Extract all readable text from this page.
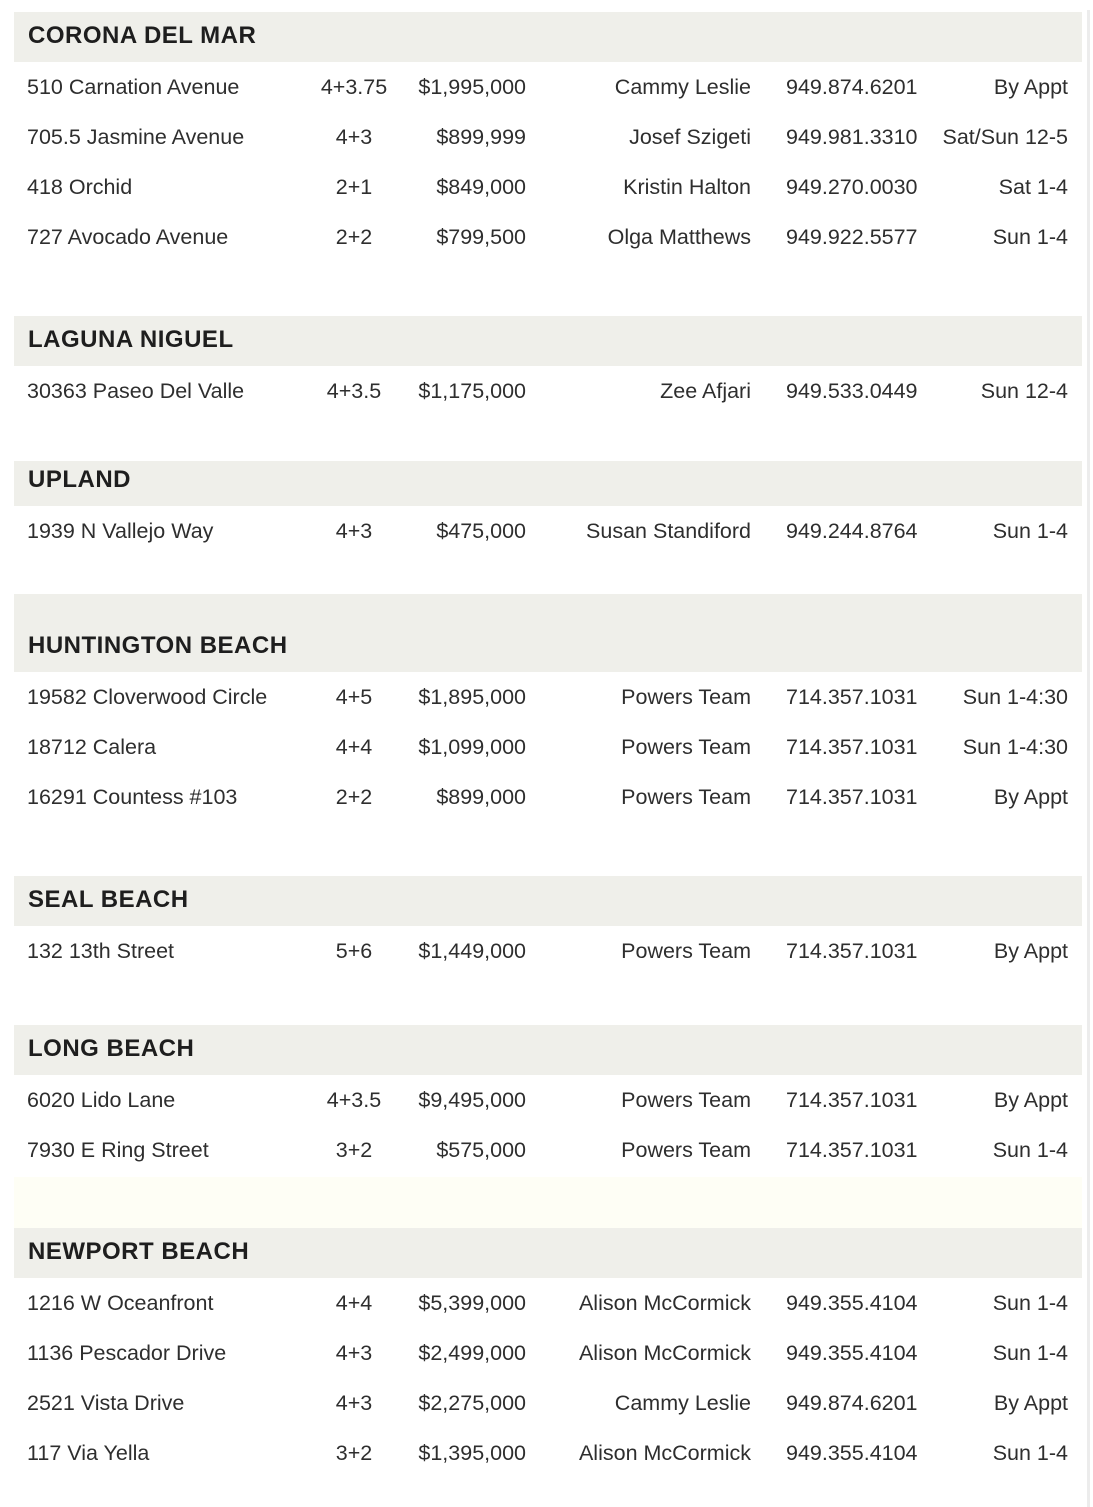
CORONA DEL MAR
510 Carnation Avenue	4+3.75	$1,995,000	Cammy Leslie 949.874.6201	By Appt
705.5 Jasmine Avenue	4+3	$899,999	Josef Szigeti 949.981.3310	Sat/Sun 12-5
418 Orchid	2+1	$849,000	Kristin Halton 949.270.0030	Sat 1-4
727 Avocado Avenue	2+2	$799,500	Olga Matthews 949.922.5577	Sun 1-4
LAGUNA NIGUEL
30363 Paseo Del Valle	4+3.5	$1,175,000	Zee Afjari 949.533.0449	Sun 12-4
UPLAND
1939 N Vallejo Way	4+3	$475,000	Susan Standiford 949.244.8764	Sun 1-4
HUNTINGTON BEACH
19582 Cloverwood Circle	4+5	$1,895,000	Powers Team 714.357.1031	Sun 1-4:30
18712 Calera	4+4	$1,099,000	Powers Team 714.357.1031	Sun 1-4:30
16291 Countess #103	2+2	$899,000	Powers Team 714.357.1031	By Appt
SEAL BEACH
132 13th Street	5+6	$1,449,000	Powers Team 714.357.1031	By Appt
LONG BEACH
6020 Lido Lane	4+3.5	$9,495,000	Powers Team 714.357.1031	By Appt
7930 E Ring Street	3+2	$575,000	Powers Team 714.357.1031	Sun 1-4
NEWPORT BEACH
1216 W Oceanfront	4+4	$5,399,000	Alison McCormick 949.355.4104	Sun 1-4
1136 Pescador Drive	4+3	$2,499,000	Alison McCormick 949.355.4104	Sun 1-4
2521 Vista Drive	4+3	$2,275,000	Cammy Leslie 949.874.6201	By Appt
117 Via Yella	3+2	$1,395,000	Alison McCormick 949.355.4104	Sun 1-4
